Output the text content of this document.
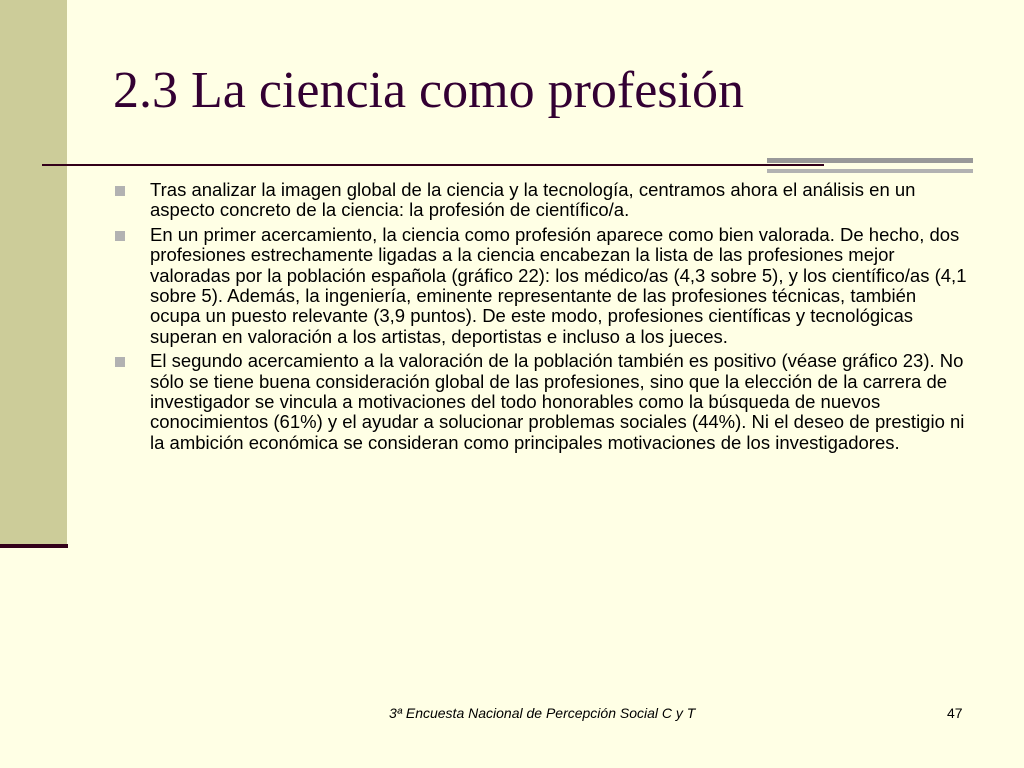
2.3 La ciencia como profesión
Tras analizar la imagen global de la ciencia y la tecnología, centramos ahora el análisis en un aspecto concreto de la ciencia: la profesión de científico/a.
En un primer acercamiento, la ciencia como profesión aparece como bien valorada. De hecho, dos profesiones estrechamente ligadas a la ciencia encabezan la lista de las profesiones mejor valoradas por la población española (gráfico 22): los médico/as (4,3 sobre 5), y los científico/as (4,1 sobre 5). Además, la ingeniería, eminente representante de las profesiones técnicas, también ocupa un puesto relevante (3,9 puntos). De este modo, profesiones científicas y tecnológicas superan en valoración a los artistas, deportistas e incluso a los jueces.
El segundo acercamiento a la valoración de la población también es positivo (véase gráfico 23). No sólo se tiene buena consideración global de las profesiones, sino que la elección de la carrera de investigador se vincula a motivaciones del todo honorables como la búsqueda de nuevos conocimientos (61%) y el ayudar a solucionar problemas sociales (44%). Ni el deseo de prestigio ni la ambición económica se consideran como principales motivaciones de los investigadores.
3ª Encuesta Nacional de Percepción Social C y T	47
